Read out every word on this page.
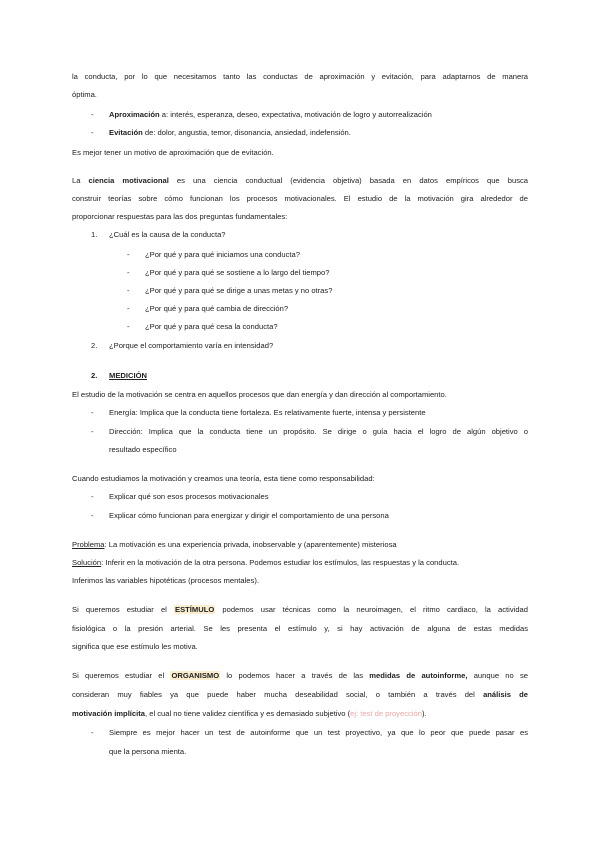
la conducta, por lo que necesitamos tanto las conductas de aproximación y evitación, para adaptarnos de manera
óptima.
- Aproximación a: interés, esperanza, deseo, expectativa, motivación de logro y autorrealización
- Evitación de: dolor, angustia, temor, disonancia, ansiedad, indefensión.
Es mejor tener un motivo de aproximación que de evitación.
La ciencia motivacional es una ciencia conductual (evidencia objetiva) basada en datos empíricos que busca
construir teorías sobre cómo funcionan los procesos motivacionales. El estudio de la motivación gira alrededor de
proporcionar respuestas para las dos preguntas fundamentales:
1. ¿Cuál es la causa de la conducta?
- ¿Por qué y para qué iniciamos una conducta?
- ¿Por qué y para qué se sostiene a lo largo del tiempo?
- ¿Por qué y para qué se dirige a unas metas y no otras?
- ¿Por qué y para qué cambia de dirección?
- ¿Por qué y para qué cesa la conducta?
2. ¿Porque el comportamiento varía en intensidad?
2. MEDICIÓN
El estudio de la motivación se centra en aquellos procesos que dan energía y dan dirección al comportamiento.
- Energía: Implica que la conducta tiene fortaleza. Es relativamente fuerte, intensa y persistente
- Dirección: Implica que la conducta tiene un propósito. Se dirige o guía hacia el logro de algún objetivo o
resultado específico
Cuando estudiamos la motivación y creamos una teoría, esta tiene como responsabilidad:
- Explicar qué son esos procesos motivacionales
- Explicar cómo funcionan para energizar y dirigir el comportamiento de una persona
Problema: La motivación es una experiencia privada, inobservable y (aparentemente) misteriosa
Solución: Inferir en la motivación de la otra persona. Podemos estudiar los estímulos, las respuestas y la conducta.
Inferimos las variables hipotéticas (procesos mentales).
Si queremos estudiar el ESTÍMULO podemos usar técnicas como la neuroimagen, el ritmo cardiaco, la actividad
fisiológica o la presión arterial. Se les presenta el estímulo y, si hay activación de alguna de estas medidas
significa que ese estímulo les motiva.
Si queremos estudiar el ORGANISMO lo podemos hacer a través de las medidas de autoinforme, aunque no se
consideran muy fiables ya que puede haber mucha deseabilidad social, o también a través del análisis de
motivación implícita, el cual no tiene validez científica y es demasiado subjetivo (ej: test de proyección).
- Siempre es mejor hacer un test de autoinforme que un test proyectivo, ya que lo peor que puede pasar es
que la persona mienta.
